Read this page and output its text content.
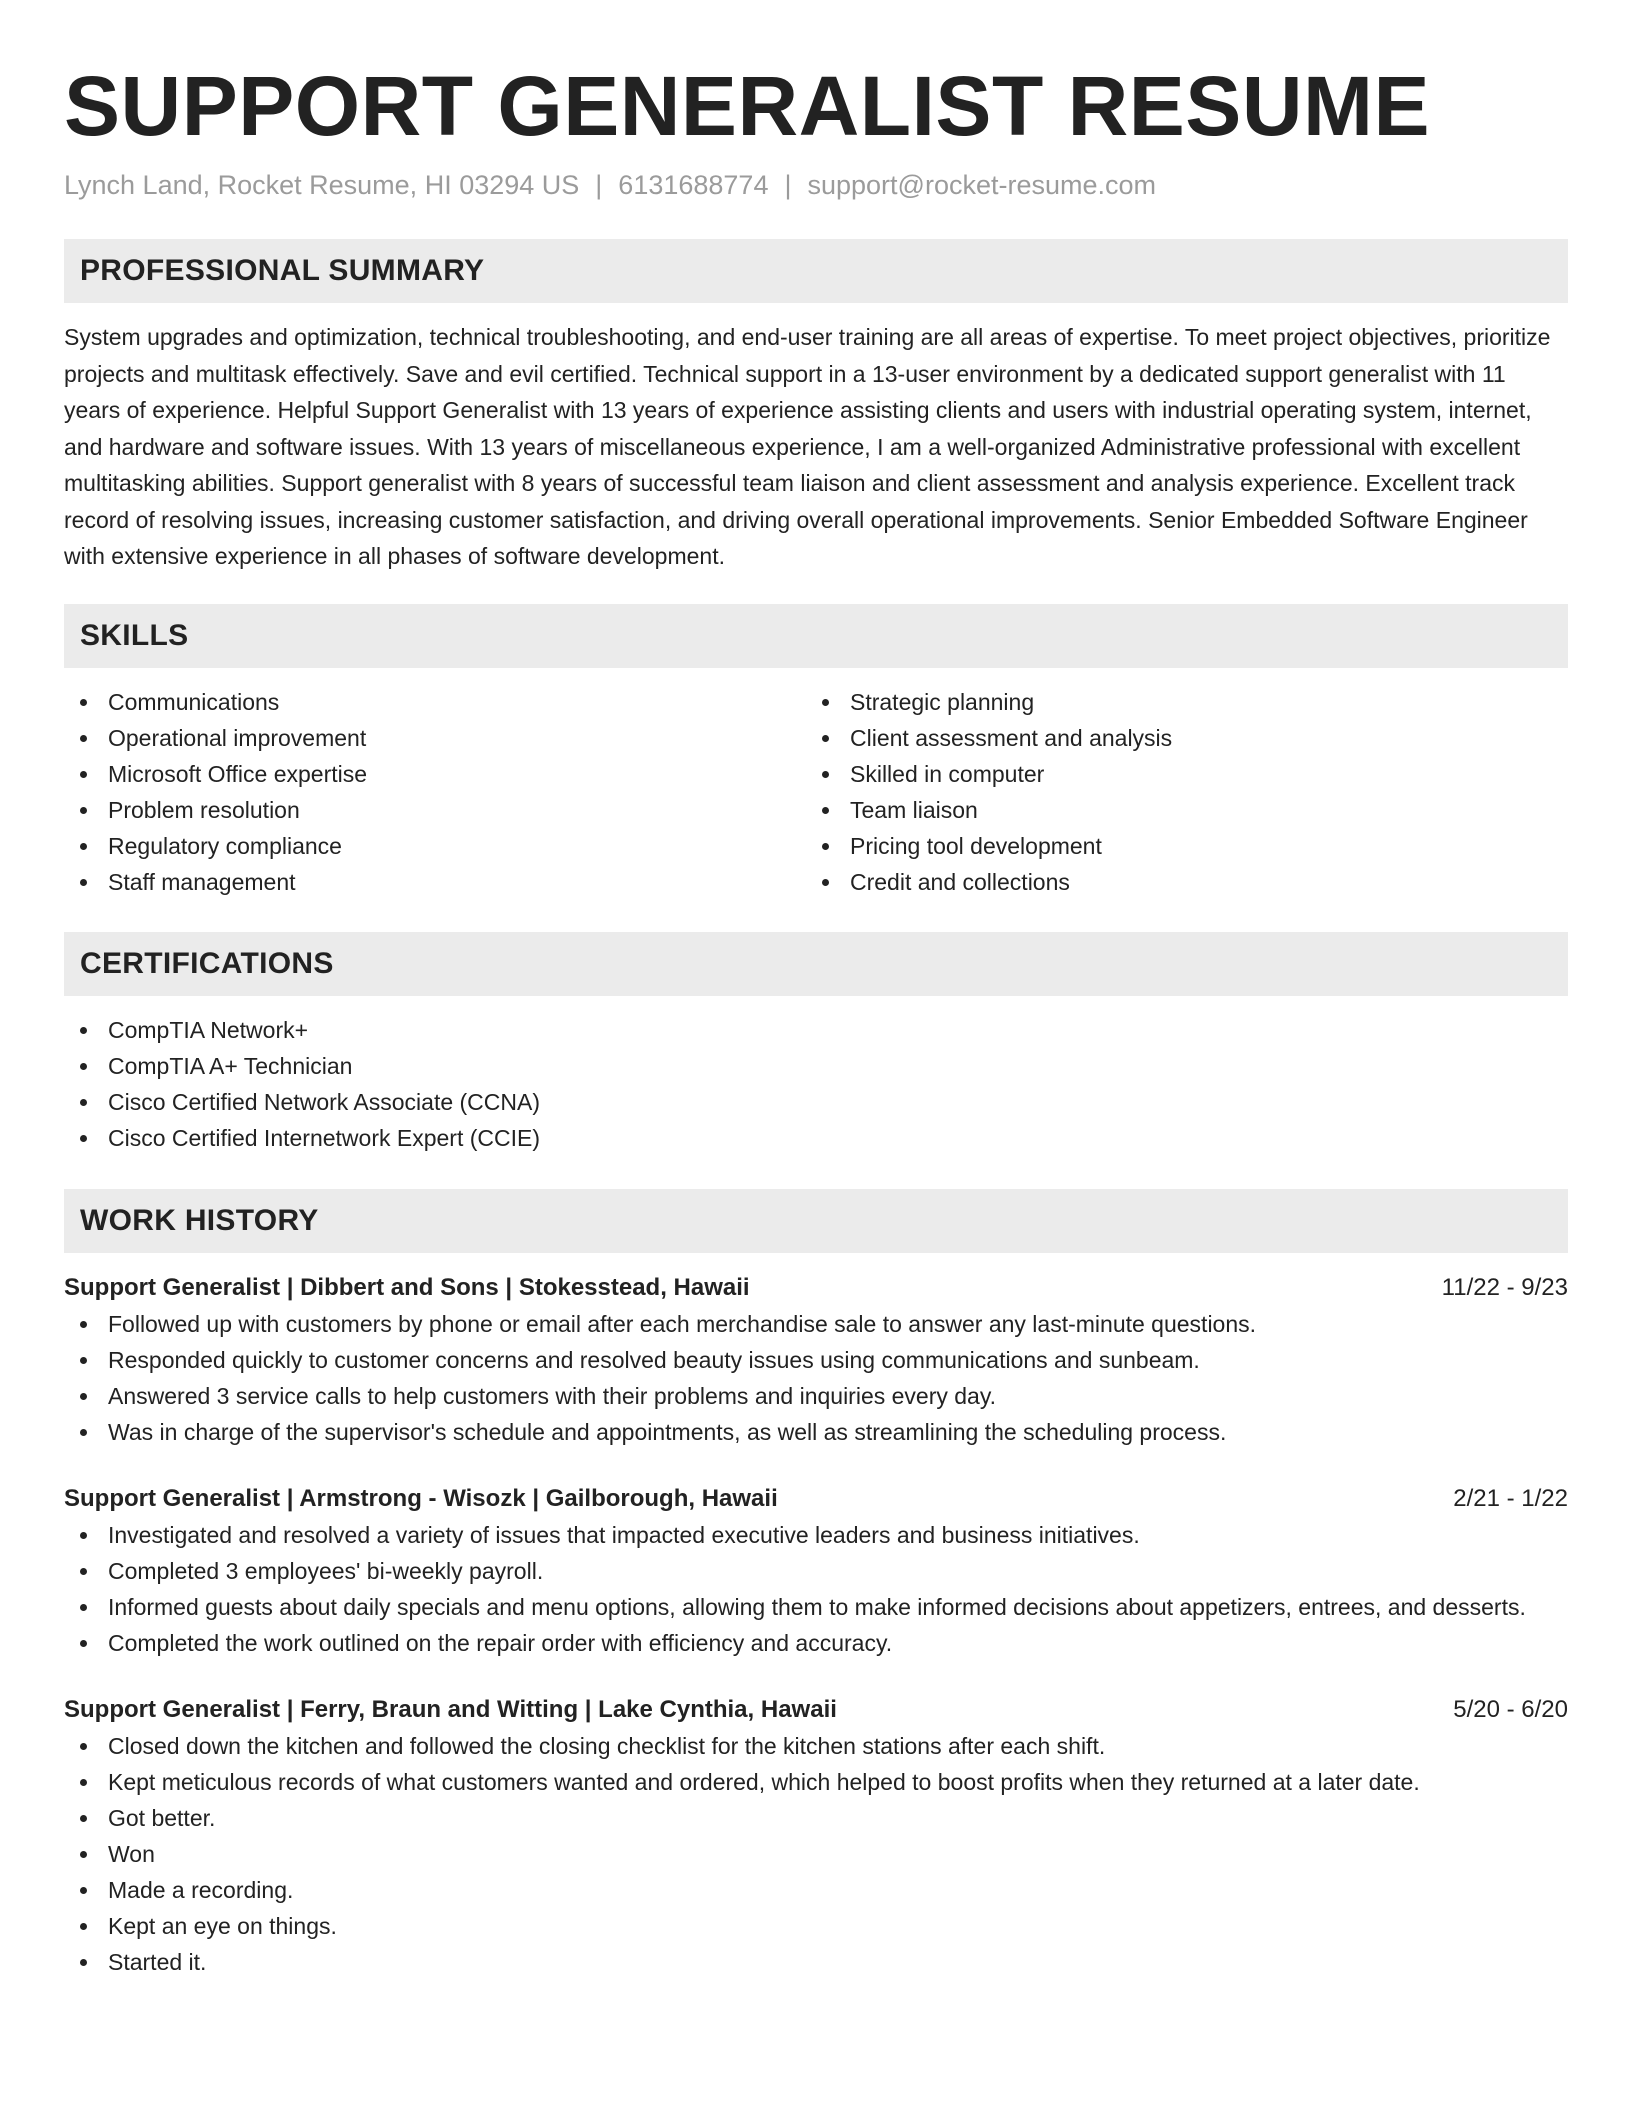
SUPPORT GENERALIST RESUME
Lynch Land, Rocket Resume, HI 03294 US | 6131688774 | support@rocket-resume.com
PROFESSIONAL SUMMARY

System upgrades and optimization, technical troubleshooting, and end-user training are all areas of expertise. To meet project objectives, prioritize projects and multitask effectively. Save and evil certified. Technical support in a 13-user environment by a dedicated support generalist with 11 years of experience. Helpful Support Generalist with 13 years of experience assisting clients and users with industrial operating system, internet, and hardware and software issues. With 13 years of miscellaneous experience, I am a well-organized Administrative professional with excellent multitasking abilities. Support generalist with 8 years of successful team liaison and client assessment and analysis experience. Excellent track record of resolving issues, increasing customer satisfaction, and driving overall operational improvements. Senior Embedded Software Engineer with extensive experience in all phases of software development.

SKILLS
Communications
Operational improvement
Microsoft Office expertise
Problem resolution
Regulatory compliance
Staff management
Strategic planning
Client assessment and analysis
Skilled in computer
Team liaison
Pricing tool development
Credit and collections
CERTIFICATIONS
CompTIA Network+
CompTIA A+ Technician
Cisco Certified Network Associate (CCNA)
Cisco Certified Internetwork Expert (CCIE)
WORK HISTORY
Support Generalist | Dibbert and Sons | Stokesstead, Hawaii	11/22 - 9/23
Followed up with customers by phone or email after each merchandise sale to answer any last-minute questions.
Responded quickly to customer concerns and resolved beauty issues using communications and sunbeam.
Answered 3 service calls to help customers with their problems and inquiries every day.
Was in charge of the supervisor's schedule and appointments, as well as streamlining the scheduling process.
Support Generalist | Armstrong - Wisozk | Gailborough, Hawaii	2/21 - 1/22
Investigated and resolved a variety of issues that impacted executive leaders and business initiatives.
Completed 3 employees' bi-weekly payroll.
Informed guests about daily specials and menu options, allowing them to make informed decisions about appetizers, entrees, and desserts.
Completed the work outlined on the repair order with efficiency and accuracy.
Support Generalist | Ferry, Braun and Witting | Lake Cynthia, Hawaii	5/20 - 6/20
Closed down the kitchen and followed the closing checklist for the kitchen stations after each shift.
Kept meticulous records of what customers wanted and ordered, which helped to boost profits when they returned at a later date.
Got better.
Won
Made a recording.
Kept an eye on things.
Started it.
